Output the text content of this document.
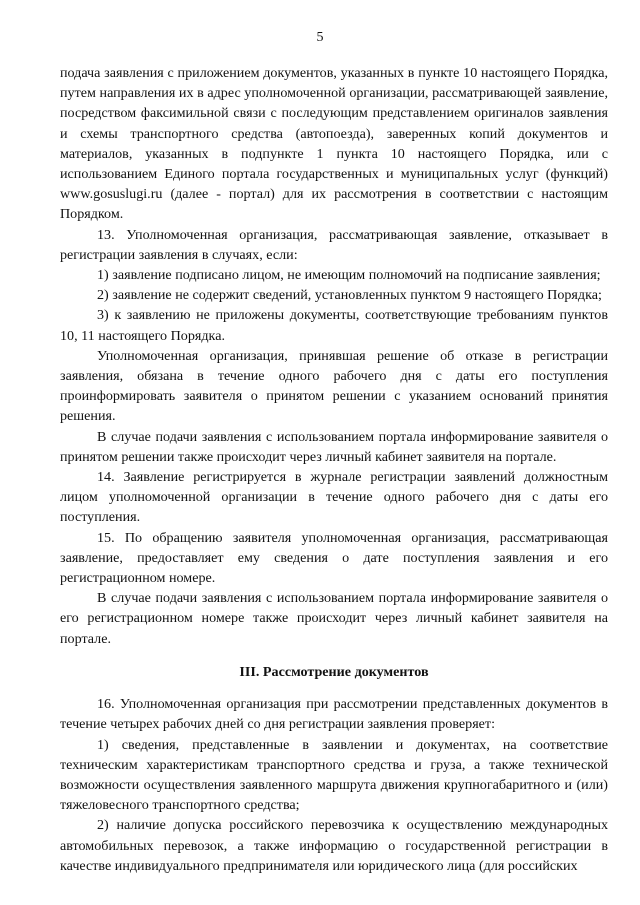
5

подача заявления с приложением документов, указанных в пункте 10 настоящего Порядка, путем направления их в адрес уполномоченной организации, рассматривающей заявление, посредством факсимильной связи с последующим представлением оригиналов заявления и схемы транспортного средства (автопоезда), заверенных копий документов и материалов, указанных в подпункте 1 пункта 10 настоящего Порядка, или с использованием Единого портала государственных и муниципальных услуг (функций) www.gosuslugi.ru (далее - портал) для их рассмотрения в соответствии с настоящим Порядком.

13. Уполномоченная организация, рассматривающая заявление, отказывает в регистрации заявления в случаях, если:

1) заявление подписано лицом, не имеющим полномочий на подписание заявления;

2) заявление не содержит сведений, установленных пунктом 9 настоящего Порядка;

3) к заявлению не приложены документы, соответствующие требованиям пунктов 10, 11 настоящего Порядка.

Уполномоченная организация, принявшая решение об отказе в регистрации заявления, обязана в течение одного рабочего дня с даты его поступления проинформировать заявителя о принятом решении с указанием оснований принятия решения.

В случае подачи заявления с использованием портала информирование заявителя о принятом решении также происходит через личный кабинет заявителя на портале.

14. Заявление регистрируется в журнале регистрации заявлений должностным лицом уполномоченной организации в течение одного рабочего дня с даты его поступления.

15. По обращению заявителя уполномоченная организация, рассматривающая заявление, предоставляет ему сведения о дате поступления заявления и его регистрационном номере.

В случае подачи заявления с использованием портала информирование заявителя о его регистрационном номере также происходит через личный кабинет заявителя на портале.

III. Рассмотрение документов

16. Уполномоченная организация при рассмотрении представленных документов в течение четырех рабочих дней со дня регистрации заявления проверяет:

1) сведения, представленные в заявлении и документах, на соответствие техническим характеристикам транспортного средства и груза, а также технической возможности осуществления заявленного маршрута движения крупногабаритного и (или) тяжеловесного транспортного средства;

2) наличие допуска российского перевозчика к осуществлению международных автомобильных перевозок, а также информацию о государственной регистрации в качестве индивидуального предпринимателя или юридического лица (для российских
